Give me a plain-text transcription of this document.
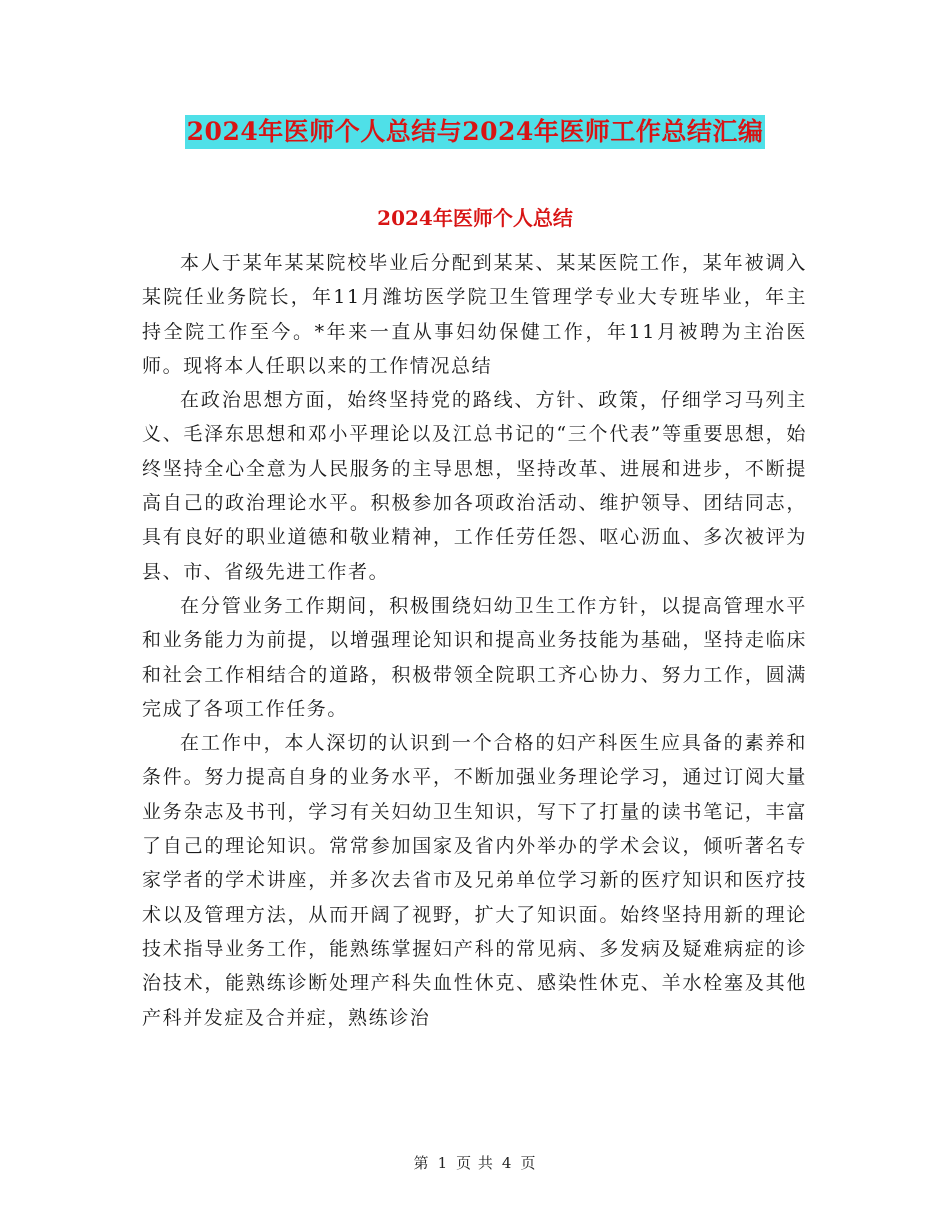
2024年医师个人总结与2024年医师工作总结汇编
2024年医师个人总结

本人于某年某某院校毕业后分配到某某、某某医院工作，某年被调入某院任业务院长，年11月潍坊医学院卫生管理学专业大专班毕业，年主持全院工作至今。*年来一直从事妇幼保健工作，年11月被聘为主治医师。现将本人任职以来的工作情况总结

在政治思想方面，始终坚持党的路线、方针、政策，仔细学习马列主义、毛泽东思想和邓小平理论以及江总书记的“三个代表”等重要思想，始终坚持全心全意为人民服务的主导思想，坚持改革、进展和进步，不断提高自己的政治理论水平。积极参加各项政治活动、维护领导、团结同志，具有良好的职业道德和敬业精神，工作任劳任怨、呕心沥血、多次被评为县、市、省级先进工作者。

在分管业务工作期间，积极围绕妇幼卫生工作方针，以提高管理水平和业务能力为前提，以增强理论知识和提高业务技能为基础，坚持走临床和社会工作相结合的道路，积极带领全院职工齐心协力、努力工作，圆满完成了各项工作任务。

在工作中，本人深切的认识到一个合格的妇产科医生应具备的素养和条件。努力提高自身的业务水平，不断加强业务理论学习，通过订阅大量业务杂志及书刊，学习有关妇幼卫生知识，写下了打量的读书笔记，丰富了自己的理论知识。常常参加国家及省内外举办的学术会议，倾听著名专家学者的学术讲座，并多次去省市及兄弟单位学习新的医疗知识和医疗技术以及管理方法，从而开阔了视野，扩大了知识面。始终坚持用新的理论技术指导业务工作，能熟练掌握妇产科的常见病、多发病及疑难病症的诊治技术，能熟练诊断处理产科失血性休克、感染性休克、羊水栓塞及其他产科并发症及合并症，熟练诊治

第 1 页 共 4 页
